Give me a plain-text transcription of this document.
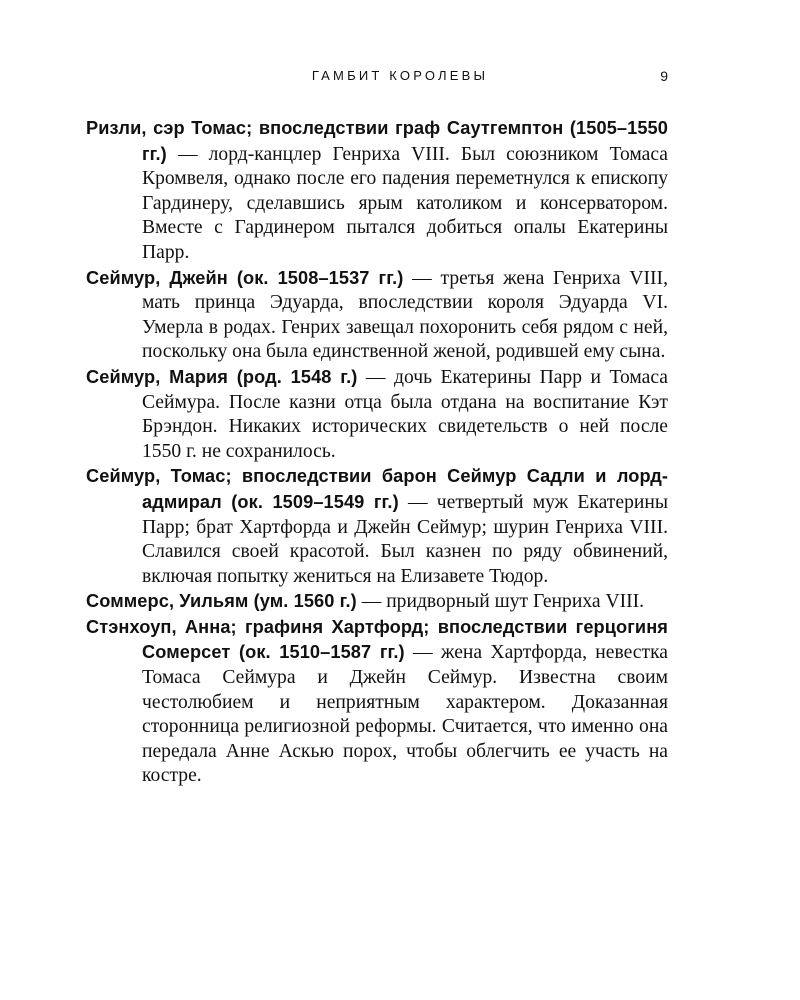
ГАМБИТ КОРОЛЕВЫ	9

Ризли, сэр Томас; впоследствии граф Саутгемптон (1505–1550 гг.) — лорд-канцлер Генриха VIII. Был союзником Томаса Кромвеля, однако после его падения переметнулся к епископу Гардинеру, сделавшись ярым католиком и консерватором. Вместе с Гардинером пытался добиться опалы Екатерины Парр.

Сеймур, Джейн (ок. 1508–1537 гг.) — третья жена Генриха VIII, мать принца Эдуарда, впоследствии короля Эдуарда VI. Умерла в родах. Генрих завещал похоронить себя рядом с ней, поскольку она была единственной женой, родившей ему сына.

Сеймур, Мария (род. 1548 г.) — дочь Екатерины Парр и Томаса Сеймура. После казни отца была отдана на воспитание Кэт Брэндон. Никаких исторических свидетельств о ней после 1550 г. не сохранилось.

Сеймур, Томас; впоследствии барон Сеймур Садли и лорд-адмирал (ок. 1509–1549 гг.) — четвертый муж Екатерины Парр; брат Хартфорда и Джейн Сеймур; шурин Генриха VIII. Славился своей красотой. Был казнен по ряду обвинений, включая попытку жениться на Елизавете Тюдор.

Соммерс, Уильям (ум. 1560 г.) — придворный шут Генриха VIII.

Стэнхоуп, Анна; графиня Хартфорд; впоследствии герцогиня Сомерсет (ок. 1510–1587 гг.) — жена Хартфорда, невестка Томаса Сеймура и Джейн Сеймур. Известна своим честолюбием и неприятным характером. Доказанная сторонница религиозной реформы. Считается, что именно она передала Анне Аскью порох, чтобы облегчить ее участь на костре.
